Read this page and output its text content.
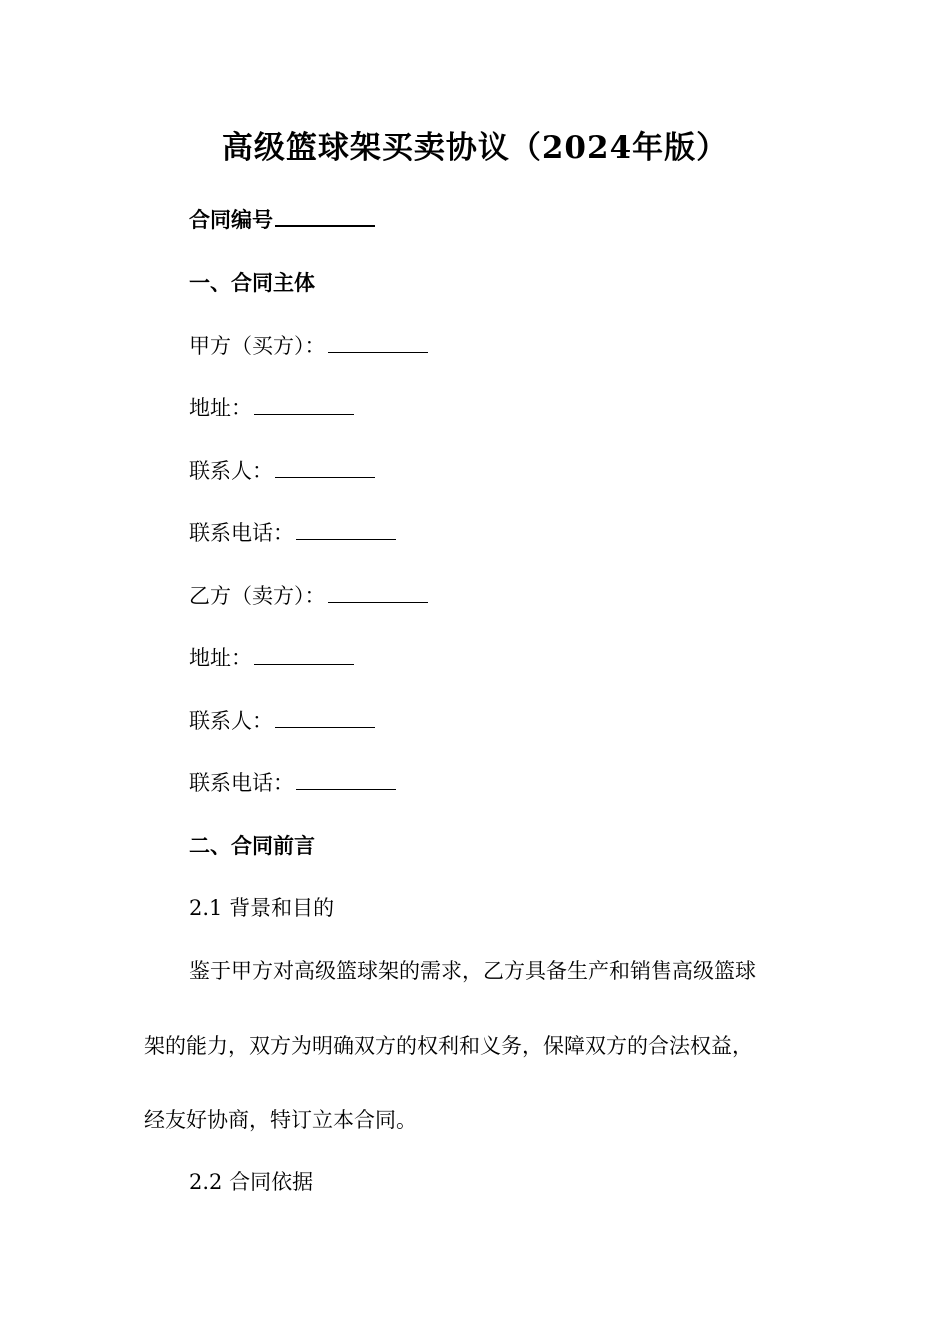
高级篮球架买卖协议（2024年版）
合同编号
一、合同主体
甲方（买方）：
地址：
联系人：
联系电话：
乙方（卖方）：
地址：
联系人：
联系电话：
二、合同前言
2.1 背景和目的
鉴于甲方对高级篮球架的需求，乙方具备生产和销售高级篮球
架的能力，双方为明确双方的权利和义务，保障双方的合法权益，
经友好协商，特订立本合同。
2.2 合同依据
